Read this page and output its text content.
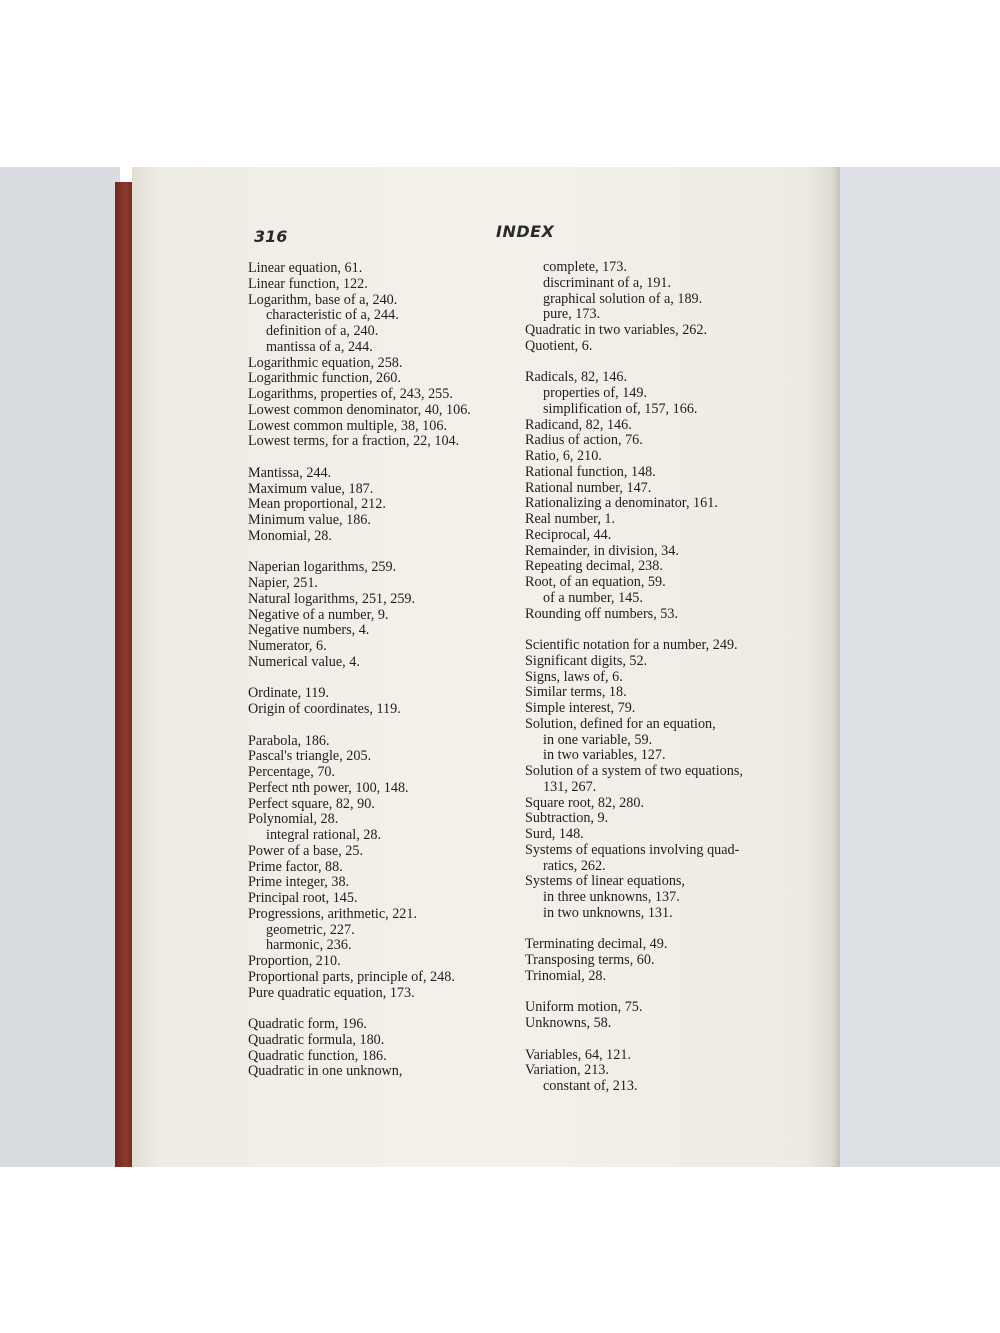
316	INDEX
Linear equation, 61.
Linear function, 122.
Logarithm, base of a, 240.
characteristic of a, 244.
definition of a, 240.
mantissa of a, 244.
Logarithmic equation, 258.
Logarithmic function, 260.
Logarithms, properties of, 243, 255.
Lowest common denominator, 40, 106.
Lowest common multiple, 38, 106.
Lowest terms, for a fraction, 22, 104.
Mantissa, 244.
Maximum value, 187.
Mean proportional, 212.
Minimum value, 186.
Monomial, 28.
Naperian logarithms, 259.
Napier, 251.
Natural logarithms, 251, 259.
Negative of a number, 9.
Negative numbers, 4.
Numerator, 6.
Numerical value, 4.
Ordinate, 119.
Origin of coordinates, 119.
Parabola, 186.
Pascal's triangle, 205.
Percentage, 70.
Perfect nth power, 100, 148.
Perfect square, 82, 90.
Polynomial, 28.
integral rational, 28.
Power of a base, 25.
Prime factor, 88.
Prime integer, 38.
Principal root, 145.
Progressions, arithmetic, 221.
geometric, 227.
harmonic, 236.
Proportion, 210.
Proportional parts, principle of, 248.
Pure quadratic equation, 173.
Quadratic form, 196.
Quadratic formula, 180.
Quadratic function, 186.
Quadratic in one unknown,
complete, 173.
discriminant of a, 191.
graphical solution of a, 189.
pure, 173.
Quadratic in two variables, 262.
Quotient, 6.
Radicals, 82, 146.
properties of, 149.
simplification of, 157, 166.
Radicand, 82, 146.
Radius of action, 76.
Ratio, 6, 210.
Rational function, 148.
Rational number, 147.
Rationalizing a denominator, 161.
Real number, 1.
Reciprocal, 44.
Remainder, in division, 34.
Repeating decimal, 238.
Root, of an equation, 59.
of a number, 145.
Rounding off numbers, 53.
Scientific notation for a number, 249.
Significant digits, 52.
Signs, laws of, 6.
Similar terms, 18.
Simple interest, 79.
Solution, defined for an equation,
in one variable, 59.
in two variables, 127.
Solution of a system of two equations,
131, 267.
Square root, 82, 280.
Subtraction, 9.
Surd, 148.
Systems of equations involving quad-
ratics, 262.
Systems of linear equations,
in three unknowns, 137.
in two unknowns, 131.
Terminating decimal, 49.
Transposing terms, 60.
Trinomial, 28.
Uniform motion, 75.
Unknowns, 58.
Variables, 64, 121.
Variation, 213.
constant of, 213.
